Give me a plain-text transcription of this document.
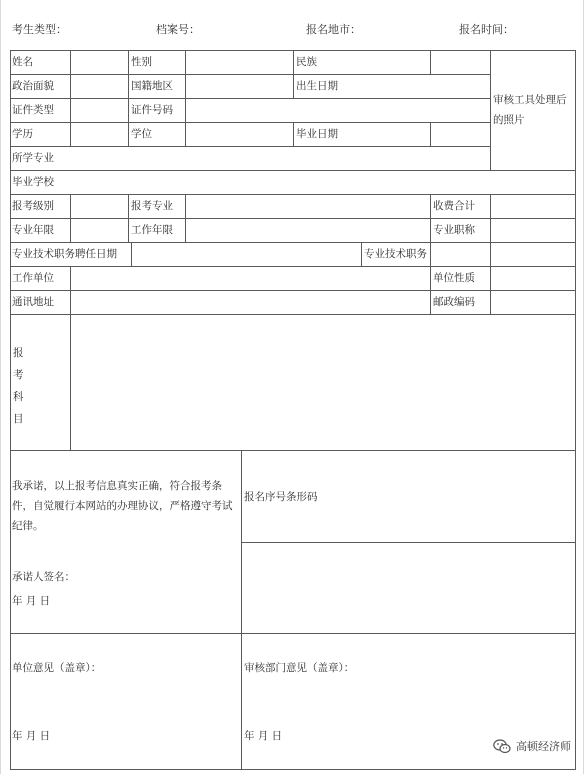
考生类型：	档案号：	报名地市：	报名时间：
姓名	性别	民族
政治面貌	国籍地区	出生日期
证件类型	证件号码
审核工具处理后的照片
学历	学位	毕业日期
所学专业
毕业学校
报考级别	报考专业	收费合计
专业年限	工作年限	专业职称
专业技术职务聘任日期	专业技术职务
工作单位	单位性质
通讯地址	邮政编码
报考科目
我承诺，以上报考信息真实正确，符合报考条件，自觉履行本网站的办理协议，严格遵守考试纪律。
承诺人签名：
年 月 日
报名序号条形码
单位意见（盖章）：	审核部门意见（盖章）：
年 月 日	年 月 日
高顿经济师
